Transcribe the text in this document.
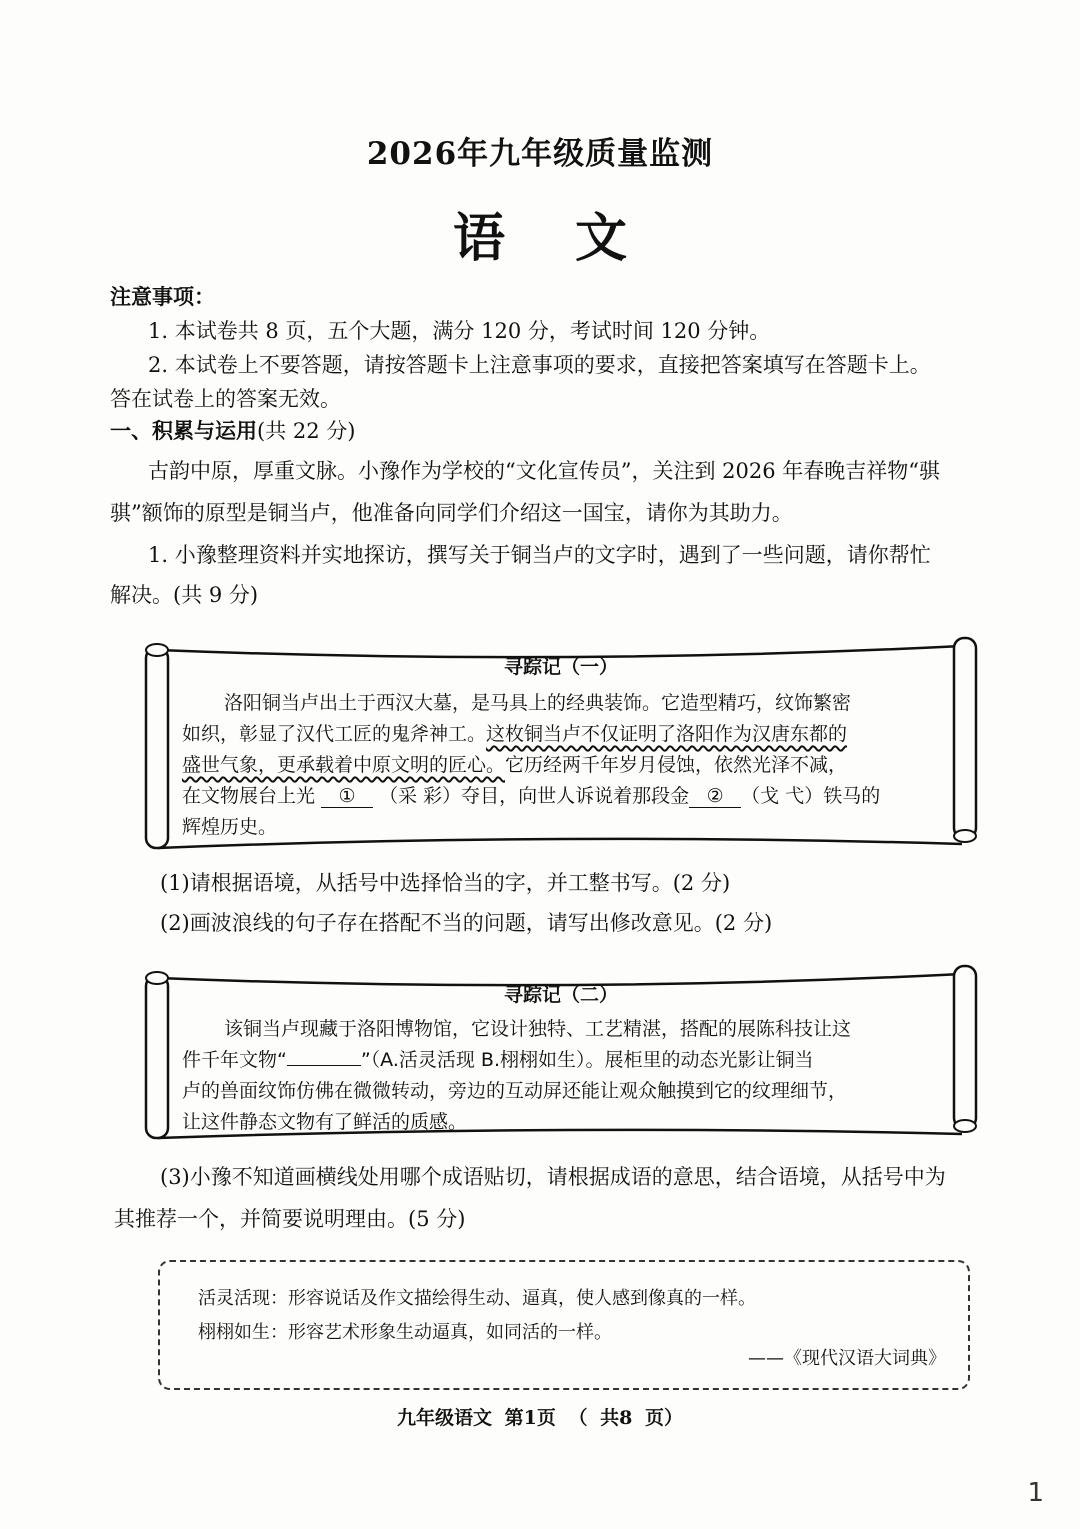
2026年九年级质量监测
语文
注意事项：
1. 本试卷共 8 页，五个大题，满分 120 分，考试时间 120 分钟。
2. 本试卷上不要答题，请按答题卡上注意事项的要求，直接把答案填写在答题卡上。
答在试卷上的答案无效。
一、积累与运用(共 22 分)
古韵中原，厚重文脉。小豫作为学校的“文化宣传员”，关注到 2026 年春晚吉祥物“骐
骐”额饰的原型是铜当卢，他准备向同学们介绍这一国宝，请你为其助力。
1. 小豫整理资料并实地探访，撰写关于铜当卢的文字时，遇到了一些问题，请你帮忙
解决。(共 9 分)
寻踪记（一）
洛阳铜当卢出土于西汉大墓，是马具上的经典装饰。它造型精巧，纹饰繁密
如织，彰显了汉代工匠的鬼斧神工。这枚铜当卢不仅证明了洛阳作为汉唐东都的
盛世气象，更承载着中原文明的匠心。它历经两千年岁月侵蚀，依然光泽不减，
在文物展台上光 ① （采 彩）夺目，向世人诉说着那段金 ② （戈 弋）铁马的
辉煌历史。
(1)请根据语境，从括号中选择恰当的字，并工整书写。(2 分)
(2)画波浪线的句子存在搭配不当的问题，请写出修改意见。(2 分)
寻踪记（二）
该铜当卢现藏于洛阳博物馆，它设计独特、工艺精湛，搭配的展陈科技让这
件千年文物“	”（A.活灵活现 B.栩栩如生）。展柜里的动态光影让铜当
卢的兽面纹饰仿佛在微微转动，旁边的互动屏还能让观众触摸到它的纹理细节，
让这件静态文物有了鲜活的质感。
(3)小豫不知道画横线处用哪个成语贴切，请根据成语的意思，结合语境，从括号中为
其推荐一个，并简要说明理由。(5 分)
活灵活现：形容说话及作文描绘得生动、逼真，使人感到像真的一样。
栩栩如生：形容艺术形象生动逼真，如同活的一样。
——《现代汉语大词典》
九年级语文 第1页 （ 共8 页）
1
